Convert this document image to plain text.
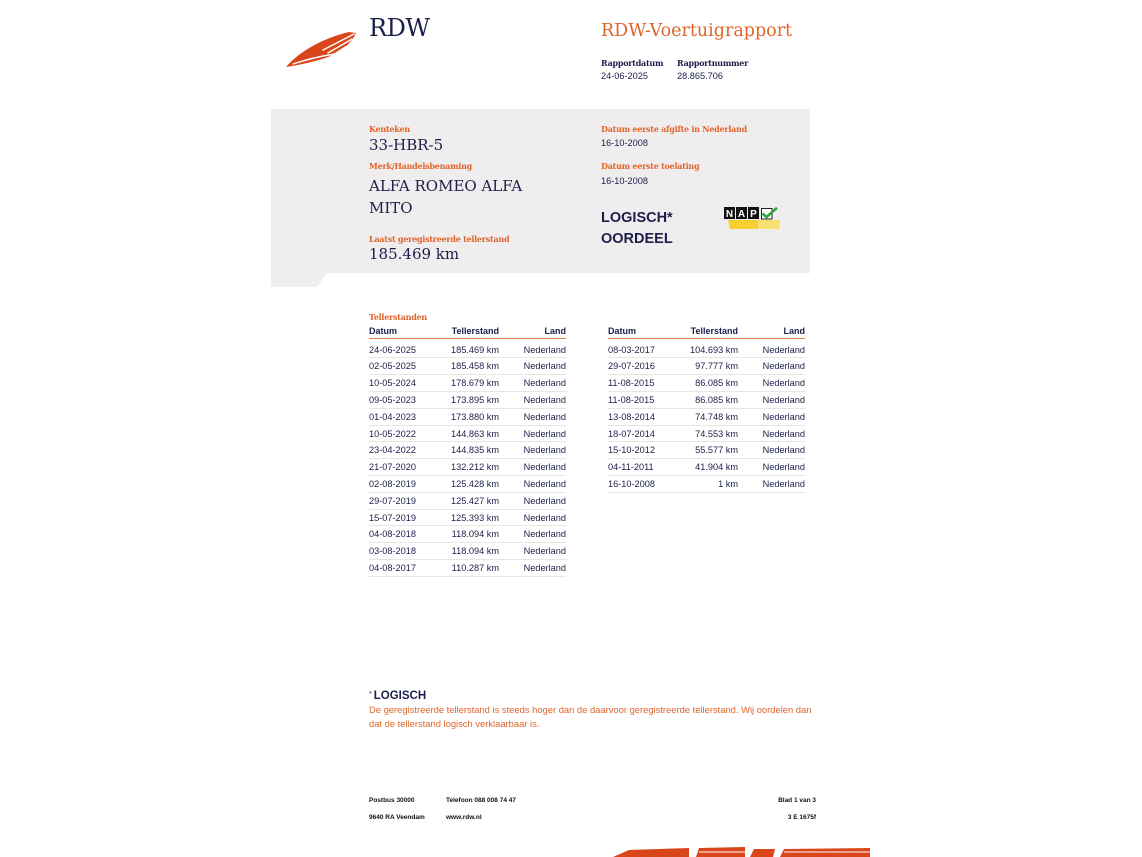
RDW	RDW-Voertuigrapport
Rapportdatum Rapportnummer
24-06-2025	28.865.706
Kenteken
33-HBR-5
Merk/Handelsbenaming
ALFA ROMEO ALFA MITO
Laatst geregistreerde tellerstand
185.469 km
Datum eerste afgifte in Nederland
16-10-2008
Datum eerste toelating
16-10-2008
LOGISCH* OORDEEL
N A P
Tellerstanden
Datum	Tellerstand	Land
24-06-2025	185.469 km	Nederland
02-05-2025	185.458 km	Nederland
10-05-2024	178.679 km	Nederland
09-05-2023	173.895 km	Nederland
01-04-2023	173.880 km	Nederland
10-05-2022	144.863 km	Nederland
23-04-2022	144.835 km	Nederland
21-07-2020	132.212 km	Nederland
02-08-2019	125.428 km	Nederland
29-07-2019	125.427 km	Nederland
15-07-2019	125.393 km	Nederland
04-08-2018	118.094 km	Nederland
03-08-2018	118.094 km	Nederland
04-08-2017	110.287 km	Nederland
Datum	Tellerstand	Land
08-03-2017	104.693 km	Nederland
29-07-2016	97.777 km	Nederland
11-08-2015	86.085 km	Nederland
11-08-2015	86.085 km	Nederland
13-08-2014	74.748 km	Nederland
18-07-2014	74.553 km	Nederland
15-10-2012	55.577 km	Nederland
04-11-2011	41.904 km	Nederland
16-10-2008	1 km	Nederland
* LOGISCH
De geregistreerde tellerstand is steeds hoger dan de daarvoor geregistreerde tellerstand. Wij oordelen dan dat de tellerstand logisch verklaarbaar is.
Postbus 30000
9640 RA Veendam
Telefoon 088 008 74 47
www.rdw.nl
Blad 1 van 3
3 E 1675f
